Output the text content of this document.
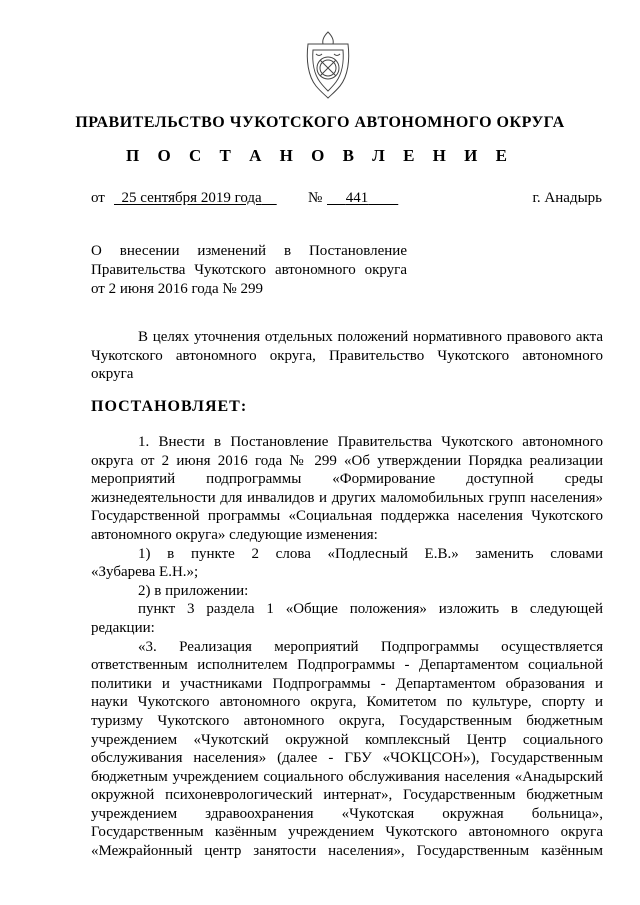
ПРАВИТЕЛЬСТВО ЧУКОТСКОГО АВТОНОМНОГО ОКРУГА
П О С Т А Н О В Л Е Н И Е
от	25 сентября 2019 года	№	441	г. Анадырь
О внесении изменений в Постановление
Правительства Чукотского автономного округа
от 2 июня 2016 года № 299
В целях уточнения отдельных положений нормативного правового акта
Чукотского автономного округа, Правительство Чукотского автономного
округа
ПОСТАНОВЛЯЕТ:
1. Внести в Постановление Правительства Чукотского автономного
округа от 2 июня 2016 года № 299 «Об утверждении Порядка реализации
мероприятий подпрограммы «Формирование доступной среды
жизнедеятельности для инвалидов и других маломобильных групп населения»
Государственной программы «Социальная поддержка населения Чукотского
автономного округа» следующие изменения:
1) в пункте 2 слова «Подлесный Е.В.» заменить словами
«Зубарева Е.Н.»;
2) в приложении:
пункт 3 раздела 1 «Общие положения» изложить в следующей
редакции:
«3. Реализация мероприятий Подпрограммы осуществляется
ответственным исполнителем Подпрограммы - Департаментом социальной
политики и участниками Подпрограммы - Департаментом образования и
науки Чукотского автономного округа, Комитетом по культуре, спорту и
туризму Чукотского автономного округа, Государственным бюджетным
учреждением «Чукотский окружной комплексный Центр социального
обслуживания населения» (далее - ГБУ «ЧОКЦСОН»), Государственным
бюджетным учреждением социального обслуживания населения «Анадырский
окружной психоневрологический интернат», Государственным бюджетным
учреждением здравоохранения «Чукотская окружная больница»,
Государственным казённым учреждением Чукотского автономного округа
«Межрайонный центр занятости населения», Государственным казённым
